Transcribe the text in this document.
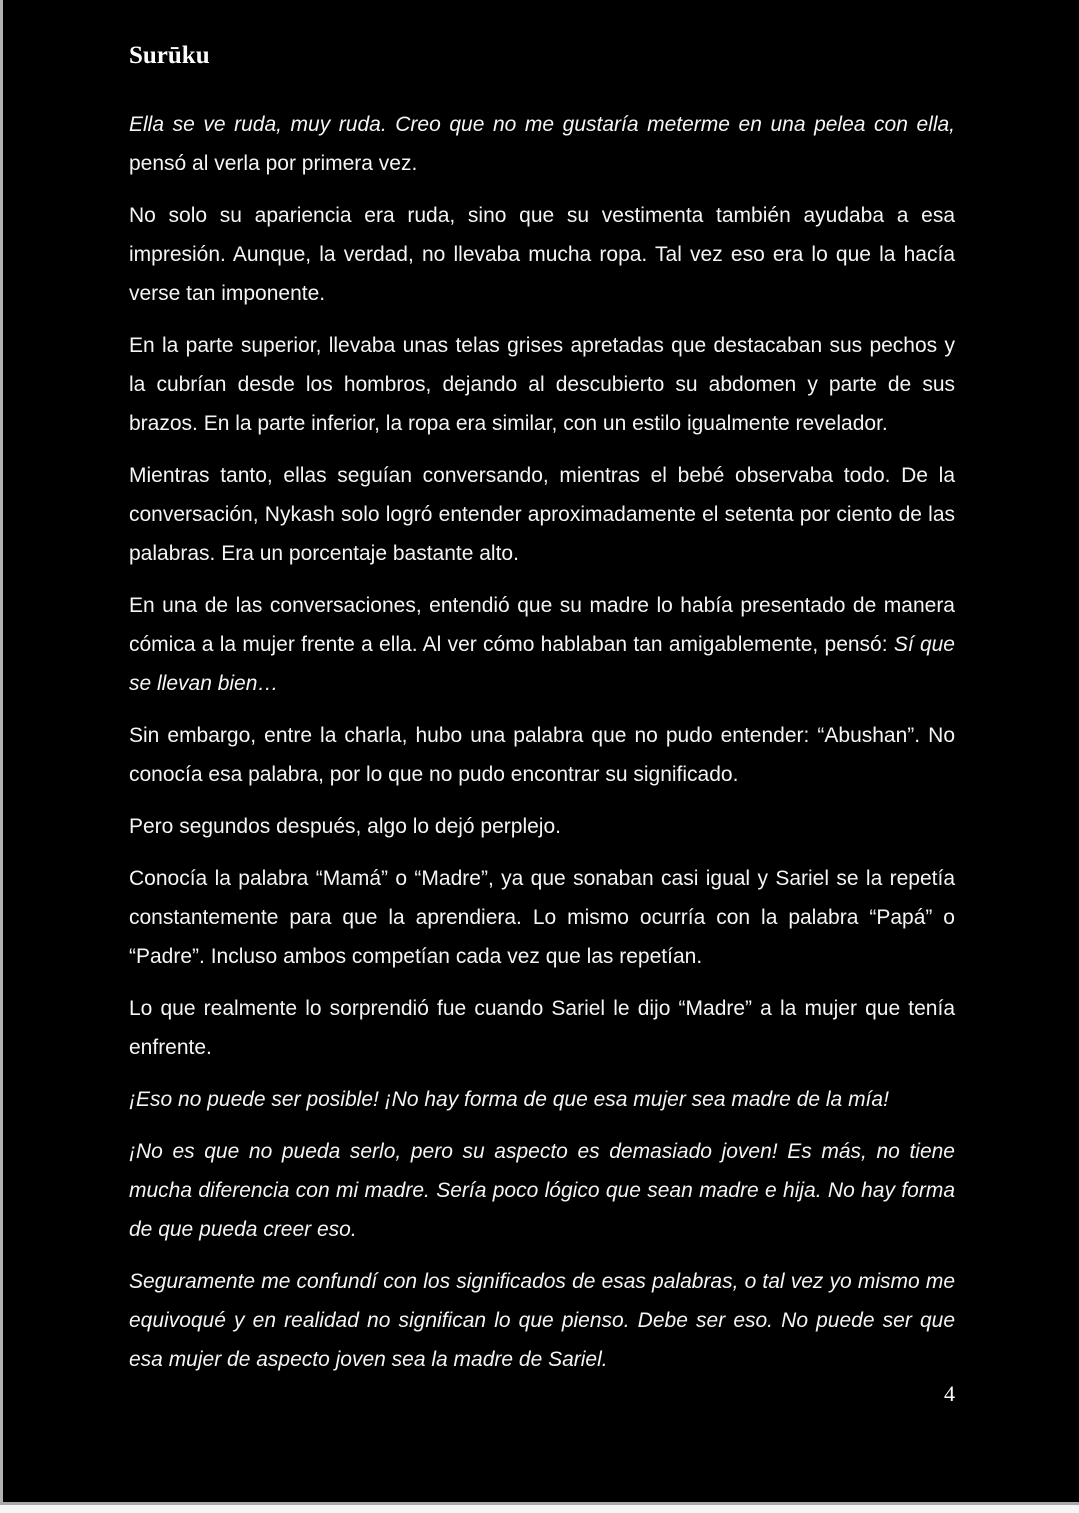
Surūku

Ella se ve ruda, muy ruda. Creo que no me gustaría meterme en una pelea con ella, pensó al verla por primera vez.

No solo su apariencia era ruda, sino que su vestimenta también ayudaba a esa impresión. Aunque, la verdad, no llevaba mucha ropa. Tal vez eso era lo que la hacía verse tan imponente.

En la parte superior, llevaba unas telas grises apretadas que destacaban sus pechos y la cubrían desde los hombros, dejando al descubierto su abdomen y parte de sus brazos. En la parte inferior, la ropa era similar, con un estilo igualmente revelador.

Mientras tanto, ellas seguían conversando, mientras el bebé observaba todo. De la conversación, Nykash solo logró entender aproximadamente el setenta por ciento de las palabras. Era un porcentaje bastante alto.

En una de las conversaciones, entendió que su madre lo había presentado de manera cómica a la mujer frente a ella. Al ver cómo hablaban tan amigablemente, pensó: Sí que se llevan bien…

Sin embargo, entre la charla, hubo una palabra que no pudo entender: “Abushan”. No conocía esa palabra, por lo que no pudo encontrar su significado.

Pero segundos después, algo lo dejó perplejo.

Conocía la palabra “Mamá” o “Madre”, ya que sonaban casi igual y Sariel se la repetía constantemente para que la aprendiera. Lo mismo ocurría con la palabra “Papá” o “Padre”. Incluso ambos competían cada vez que las repetían.

Lo que realmente lo sorprendió fue cuando Sariel le dijo “Madre” a la mujer que tenía enfrente.

¡Eso no puede ser posible! ¡No hay forma de que esa mujer sea madre de la mía!

¡No es que no pueda serlo, pero su aspecto es demasiado joven! Es más, no tiene mucha diferencia con mi madre. Sería poco lógico que sean madre e hija. No hay forma de que pueda creer eso.

Seguramente me confundí con los significados de esas palabras, o tal vez yo mismo me equivoqué y en realidad no significan lo que pienso. Debe ser eso. No puede ser que esa mujer de aspecto joven sea la madre de Sariel.

4
